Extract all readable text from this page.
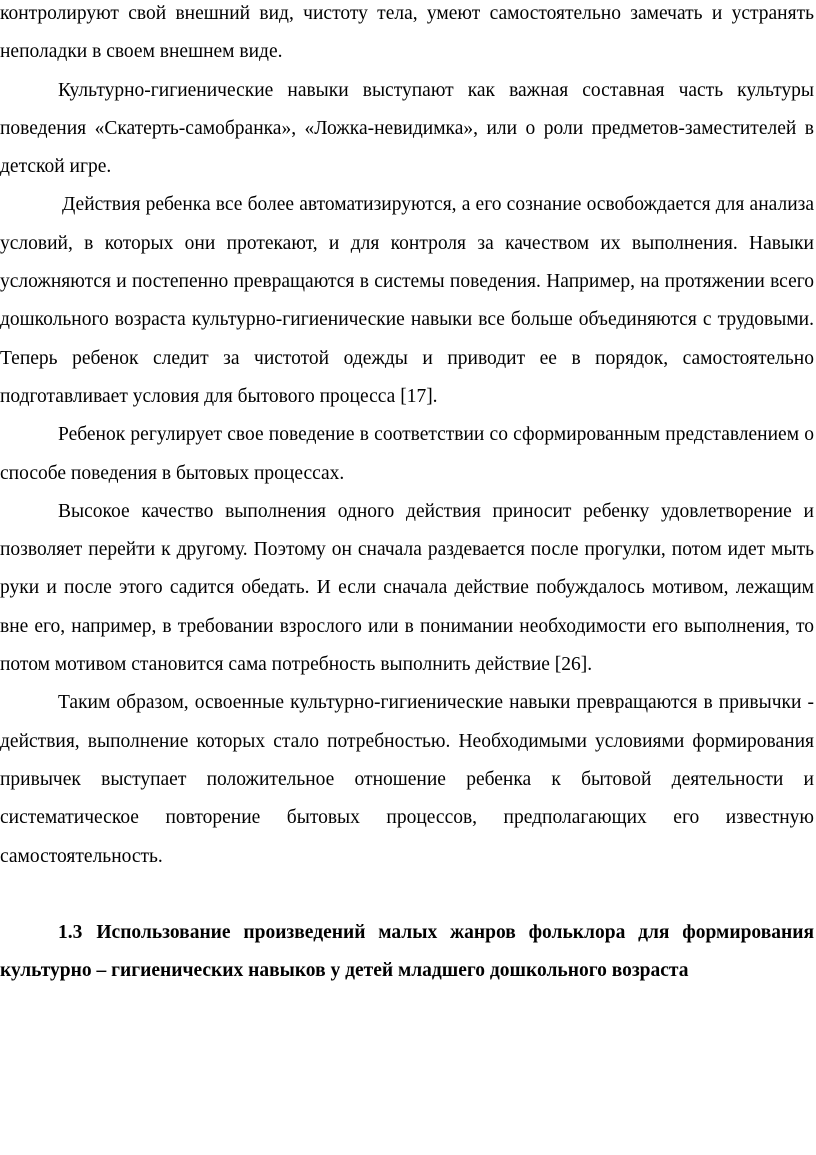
контролируют свой внешний вид, чистоту тела, умеют самостоятельно замечать и устранять неполадки в своем внешнем виде.

Культурно-гигиенические навыки выступают как важная составная часть культуры поведения «Скатерть-самобранка», «Ложка-невидимка», или о роли предметов-заместителей в детской игре.

Действия ребенка все более автоматизируются, а его сознание освобождается для анализа условий, в которых они протекают, и для контроля за качеством их выполнения. Навыки усложняются и постепенно превращаются в системы поведения. Например, на протяжении всего дошкольного возраста культурно-гигиенические навыки все больше объединяются с трудовыми. Теперь ребенок следит за чистотой одежды и приводит ее в порядок, самостоятельно подготавливает условия для бытового процесса [17].

Ребенок регулирует свое поведение в соответствии со сформированным представлением о способе поведения в бытовых процессах.

Высокое качество выполнения одного действия приносит ребенку удовлетворение и позволяет перейти к другому. Поэтому он сначала раздевается после прогулки, потом идет мыть руки и после этого садится обедать. И если сначала действие побуждалось мотивом, лежащим вне его, например, в требовании взрослого или в понимании необходимости его выполнения, то потом мотивом становится сама потребность выполнить действие [26].

Таким образом, освоенные культурно-гигиенические навыки превращаются в привычки - действия, выполнение которых стало потребностью. Необходимыми условиями формирования привычек выступает положительное отношение ребенка к бытовой деятельности и систематическое повторение бытовых процессов, предполагающих его известную самостоятельность.

1.3 Использование произведений малых жанров фольклора для формирования культурно – гигиенических навыков у детей младшего дошкольного возраста
